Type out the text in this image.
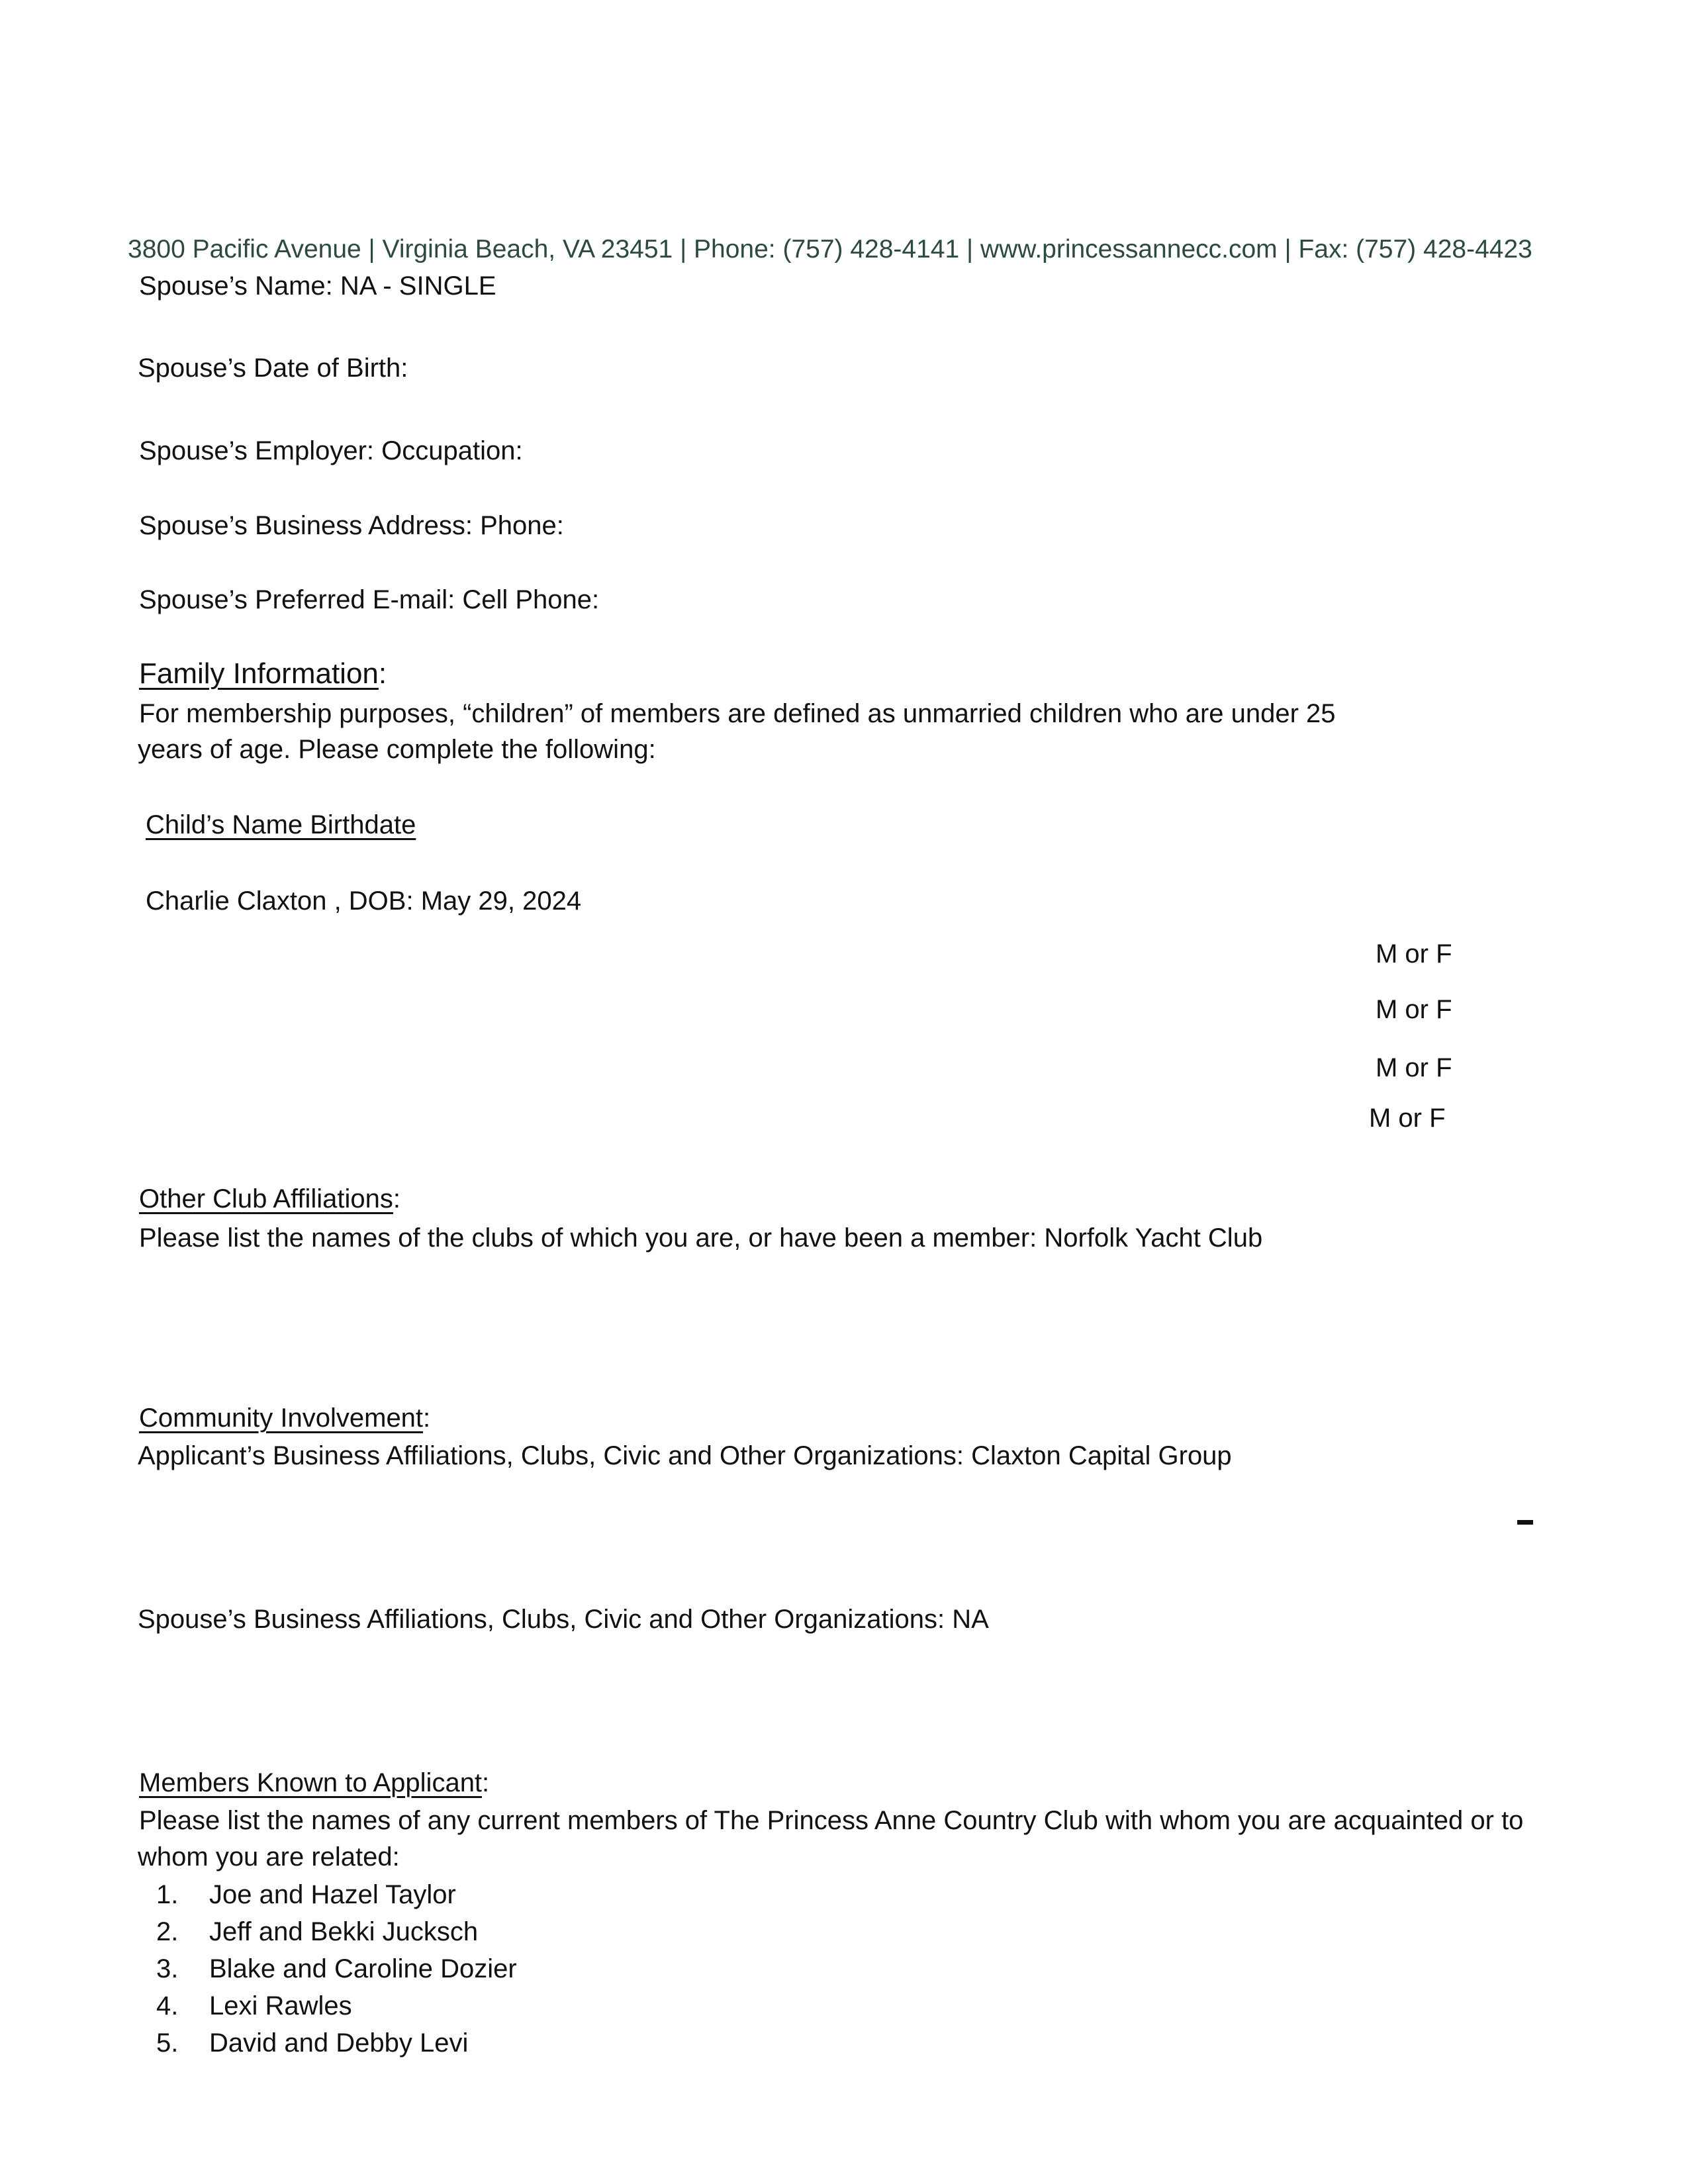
3800 Pacific Avenue | Virginia Beach, VA 23451 | Phone: (757) 428-4141 | www.princessannecc.com | Fax: (757) 428-4423
Spouse’s Name: NA - SINGLE
Spouse’s Date of Birth:
Spouse’s Employer: Occupation:
Spouse’s Business Address: Phone:
Spouse’s Preferred E-mail: Cell Phone:
Family Information:
For membership purposes, “children” of members are defined as unmarried children who are under 25
years of age. Please complete the following:
Child’s Name Birthdate
Charlie Claxton , DOB: May 29, 2024
M or F
M or F
M or F
M or F
Other Club Affiliations:
Please list the names of the clubs of which you are, or have been a member: Norfolk Yacht Club
Community Involvement:
Applicant’s Business Affiliations, Clubs, Civic and Other Organizations: Claxton Capital Group
Spouse’s Business Affiliations, Clubs, Civic and Other Organizations: NA
Members Known to Applicant:
Please list the names of any current members of The Princess Anne Country Club with whom you are acquainted or to
whom you are related:
1. Joe and Hazel Taylor
2. Jeff and Bekki Jucksch
3. Blake and Caroline Dozier
4. Lexi Rawles
5. David and Debby Levi
